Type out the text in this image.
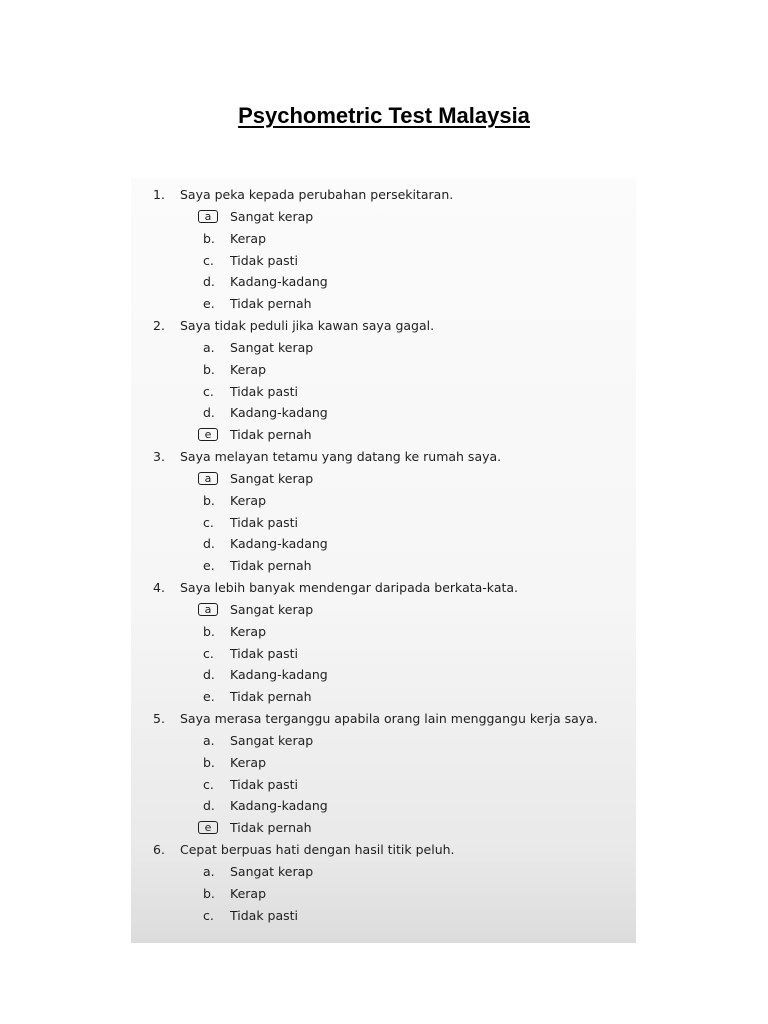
Psychometric Test Malaysia
1. Saya peka kepada perubahan persekitaran.
a	Sangat kerap
b.	Kerap
c.	Tidak pasti
d.	Kadang-kadang
e.	Tidak pernah
2. Saya tidak peduli jika kawan saya gagal.
a.	Sangat kerap
b.	Kerap
c.	Tidak pasti
d.	Kadang-kadang
e	Tidak pernah
3. Saya melayan tetamu yang datang ke rumah saya.
a	Sangat kerap
b.	Kerap
c.	Tidak pasti
d.	Kadang-kadang
e.	Tidak pernah
4. Saya lebih banyak mendengar daripada berkata-kata.
a	Sangat kerap
b.	Kerap
c.	Tidak pasti
d.	Kadang-kadang
e.	Tidak pernah
5. Saya merasa terganggu apabila orang lain menggangu kerja saya.
a.	Sangat kerap
b.	Kerap
c.	Tidak pasti
d.	Kadang-kadang
e	Tidak pernah
6. Cepat berpuas hati dengan hasil titik peluh.
a.	Sangat kerap
b.	Kerap
c.	Tidak pasti
